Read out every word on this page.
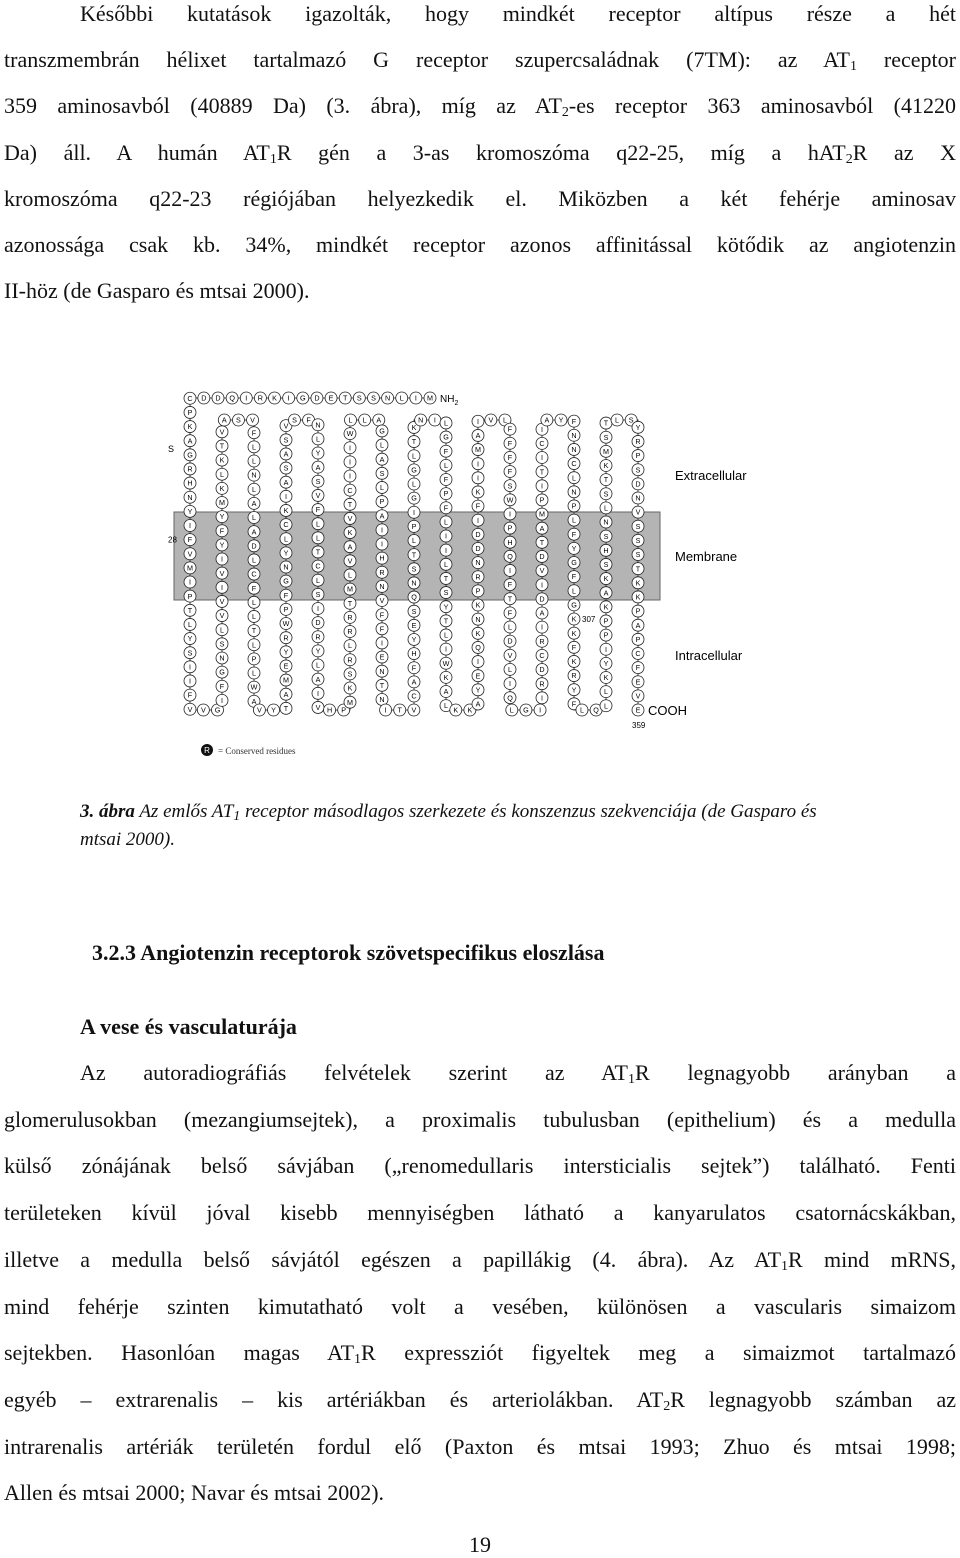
Későbbi kutatások igazolták, hogy mindkét receptor altípus része a hét
transzmembrán hélixet tartalmazó G receptor szupercsaládnak (7TM): az $AT_1$ receptor
359 aminosavból (40889 Da) (3. ábra), míg az $AT_2-es$ receptor 363 aminosavból (41220
Da) áll. A humán $AT_1R$ gén a 3-as kromoszóma q22-25, míg a hAT$_2$R az X
kromoszóma q22-23 régiójában helyezkedik el. Miközben a két fehérje aminosav
azonossága csak kb. 34%, mindkét receptor azonos affinitással kötődik az angiotenzin
II-höz (de Gasparo és mtsai 2000).
M
I
L
N
S
S
T
E
D
G
I
K
R
I
Q
D
D
C
P
K
A
G
R
H
N
Y
I
F
V
M
I
P
T
L
Y
S
I
I
F
V V G
I
F
G
N
S
L
V
V
I
V
I
Y
F
Y
M
K
L
K
T
V
A S V
F
L
L
N
L
A
L
A
D
L
C
F
L
L
T
L
P
L
W
A
V Y T
A
M
E
Y
R
W
P
F
G
N
Y
L
C
K
I
A
S
A
S
V
S F
N
L
Y
A
S
V
F
L
L
T
C
L
S
I
D
R
Y
L
A
I
V H P
M
K
S
R
L
R
R
T
M
L
V
A
K
V
T
C
I
I
I
W
L L A
G
L
A
S
L
P
A
I
I
H
R
N
V
F
F
I
E
N
T
N
I T V
C
A
F
H
Y
E
S
Q
N
S
T
L
P
I
G
L
G
L
T
K
N I L
G
F
L
F
P
F
L
I
I
L
T
S
Y
T
L
I
W
K
A
L K K
A
Y
E
I
Q
K
N
K
P
R
N
D
D
I
F
K
I
I
M
A
I V L
F
F
F
F
S
W
I
P
H
Q
I
F
T
F
L
D
V
L
I
Q
L G I
I
R
D
C
R
I
A
D
I
V
D
T
A
M
P
I
T
I
C
I
A Y F
N
N
C
L
N
P
L
F
Y
G
F
L
G
K
K
F
K
R
Y
F
L Q L
L
K
Y
I
P
P
K
A
K
S
H
S
N
L
S
T
K
M
S
T L S
Y
R
P
S
D
N
V
S
S
S
T
K
K
P
A
P
C
F
E
V
E
$NH_2$
COOH
28
307
359
S
Extracellular
Membrane
Intracellular
R = Conserved residues
3. ábra Az emlős $AT_1$ receptor másodlagos szerkezete és konszenzus szekvenciája (de Gasparo és
mtsai 2000).
3.2.3 Angiotenzin receptorok szövetspecifikus eloszlása
A vese és vasculaturája
Az autoradiográfiás felvételek szerint az $AT_1R$ legnagyobb arányban a
glomerulusokban (mezangiumsejtek), a proximalis tubulusban (epithelium) és a medulla
külső zónájának belső sávjában („renomedullaris intersticialis sejtek”) található. Fenti
területeken kívül jóval kisebb mennyiségben látható a kanyarulatos csatornácskákban,
illetve a medulla belső sávjától egészen a papillákig (4. ábra). Az $AT_1R$ mind mRNS,
mind fehérje szinten kimutatható volt a vesében, különösen a vascularis simaizom
sejtekben. Hasonlóan magas $AT_1R$ expressziót figyeltek meg a simaizmot tartalmazó
egyéb – extrarenalis – kis artériákban és arteriolákban. $AT_2R$ legnagyobb számban az
intrarenalis artériák területén fordul elő (Paxton és mtsai 1993; Zhuo és mtsai 1998;
Allen és mtsai 2000; Navar és mtsai 2002).
19
